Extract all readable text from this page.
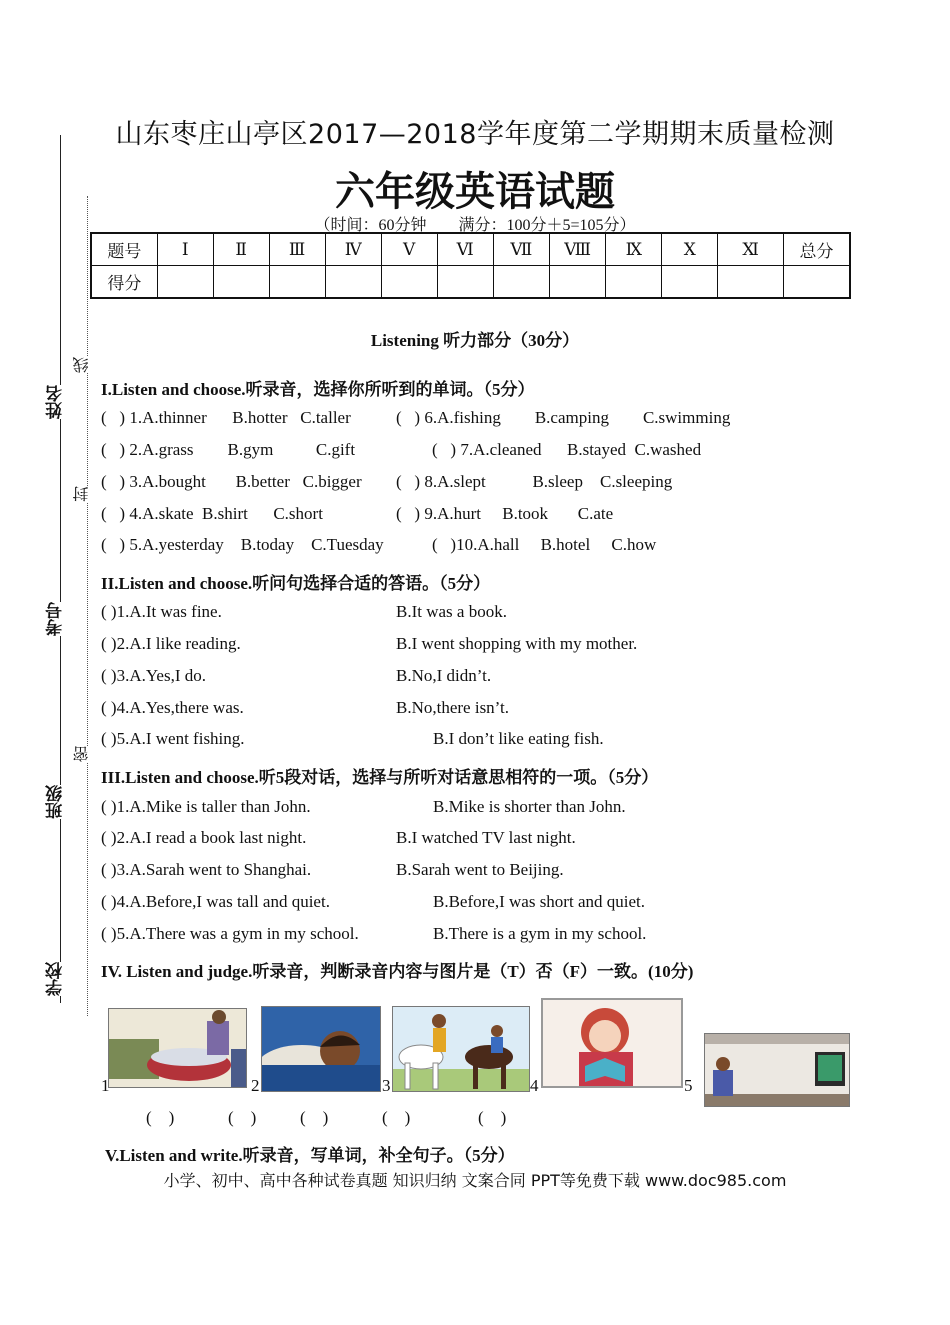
山东枣庄山亭区2017—2018学年度第二学期期末质量检测
六年级英语试题
（时间：60分钟　　满分：100分＋5=105分）
题号	Ⅰ	Ⅱ	Ⅲ	Ⅳ	Ⅴ	Ⅵ	Ⅶ	Ⅷ	Ⅸ	Ⅹ	Ⅺ	总分
得分												
姓名
考号
班级
学校
线
封
密
Listening 听力部分（30分）
I.Listen and choose.听录音，选择你所听到的单词。（5分）
(   ) 1.A.thinner      B.hotter   C.taller	(   ) 6.A.fishing        B.camping        C.swimming
(   ) 2.A.grass        B.gym          C.gift	(   ) 7.A.cleaned      B.stayed  C.washed
(   ) 3.A.bought       B.better   C.bigger (   ) 8.A.slept           B.sleep    C.sleeping
(   ) 4.A.skate  B.shirt      C.short	(   ) 9.A.hurt     B.took       C.ate
(   ) 5.A.yesterday    B.today    C.Tuesday	(   )10.A.hall     B.hotel     C.how
II.Listen and choose.听问句选择合适的答语。（5分）
( )1.A.It was fine.	B.It was a book.
( )2.A.I like reading.	B.I went shopping with my mother.
( )3.A.Yes,I do.	B.No,I didn’t.
( )4.A.Yes,there was.	B.No,there isn’t.
( )5.A.I went fishing.	B.I don’t like eating fish.
III.Listen and choose.听5段对话，选择与所听对话意思相符的一项。（5分）
( )1.A.Mike is taller than John.	B.Mike is shorter than John.
( )2.A.I read a book last night.	B.I watched TV last night.
( )3.A.Sarah went to Shanghai.	B.Sarah went to Beijing.
( )4.A.Before,I was tall and quiet.	B.Before,I was short and quiet.
( )5.A.There was a gym in my school.	B.There is a gym in my school.
IV. Listen and judge.听录音，判断录音内容与图片是（T）否（F）一致。(10分)
1	2	3	4	5
(    )	(    )	(    )	(    )	(    )
V.Listen and write.听录音，写单词，补全句子。（5分）
小学、初中、高中各种试卷真题 知识归纳 文案合同 PPT等免费下载 www.doc985.com
